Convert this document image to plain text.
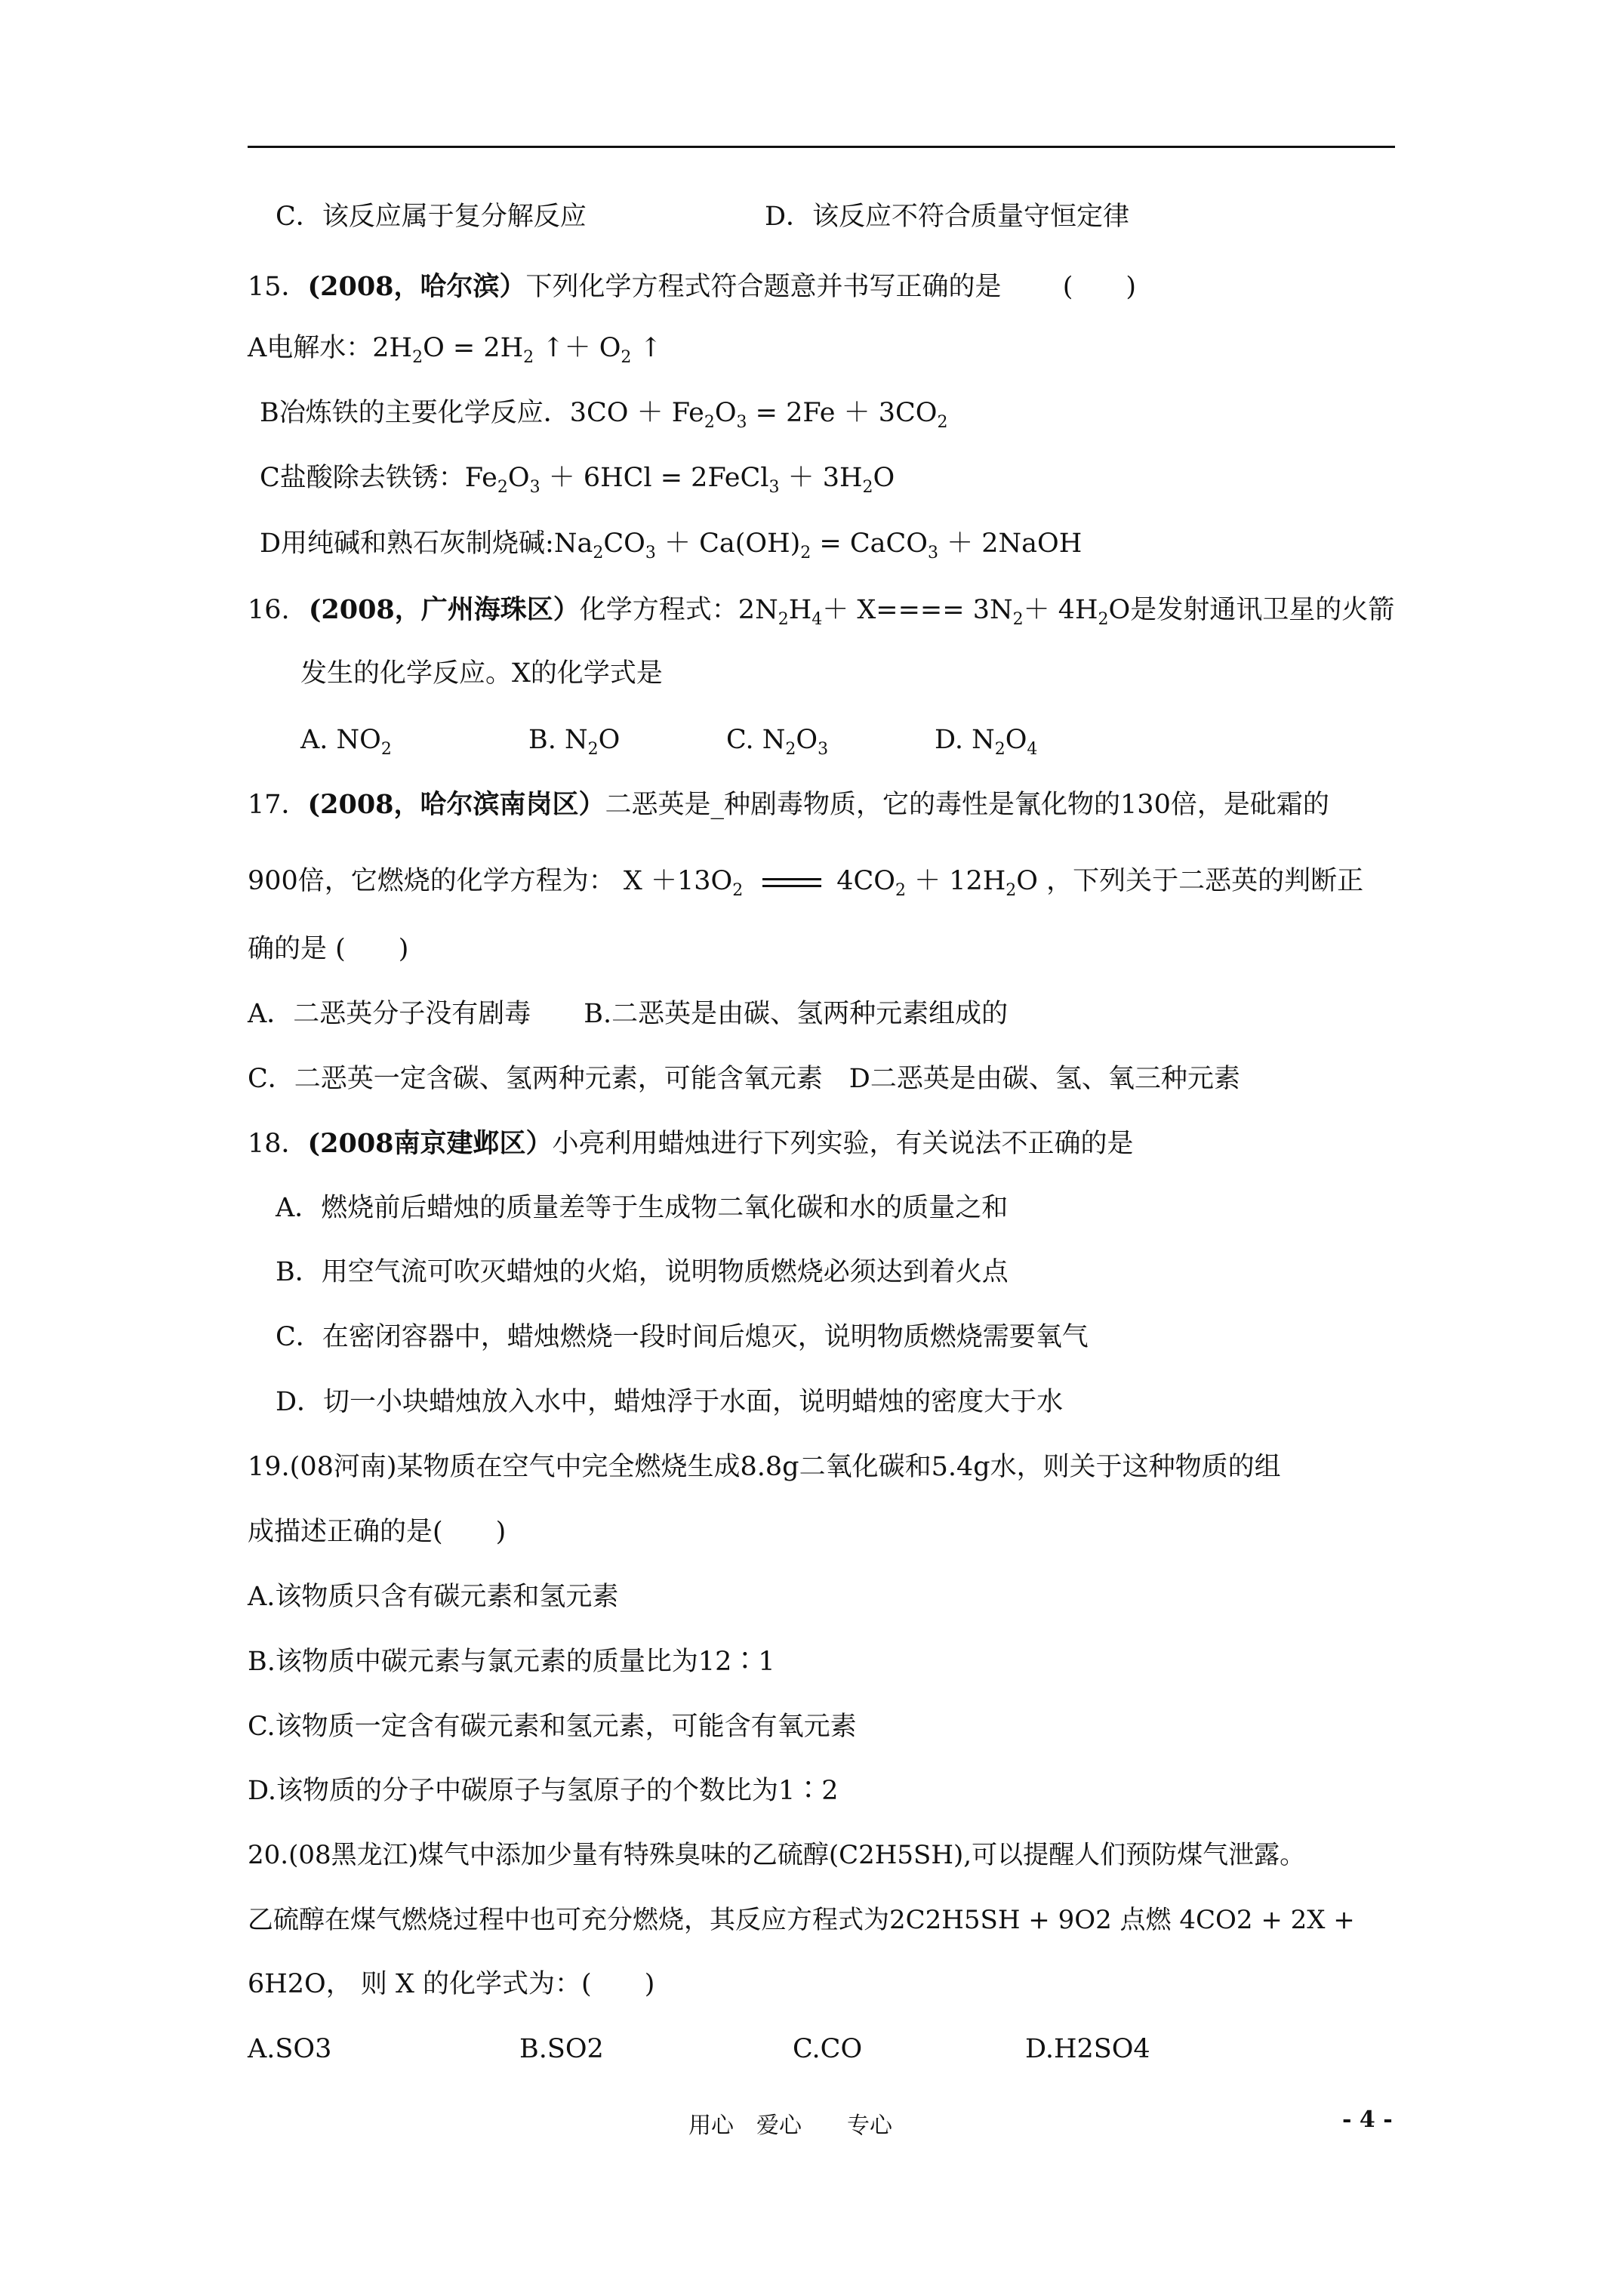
C．该反应属于复分解反应	D．该反应不符合质量守恒定律
15．(2008，哈尔滨）下列化学方程式符合题意并书写正确的是 (　　)
A电解水：$2H_2O = 2H_2$ ↑＋ $O_2$ ↑
B冶炼铁的主要化学反应．$3CO + Fe_2O_3 = 2Fe + 3CO_2$
C盐酸除去铁锈：$Fe_2O_3 + 6HCl$ = 2FeCl$_3$ ＋ $3H_2O$
D用纯碱和熟石灰制烧碱$:Na_2CO_3 + Ca(OH)_2$ = CaCO$_3$ ＋ 2NaOH
16. (2008，广州海珠区）化学方程式：$2N_2H_4+ X==== 3N_2+ 4H_2O$是发射通讯卫星的火箭
发生的化学反应。X的化学式是
A. $NO_2$	B. $N_2O$	C. $N_2O_3$	D. $N_2O_4$
17．(2008，哈尔滨南岗区）二恶英是_种剧毒物质，它的毒性是氰化物的130倍，是砒霜的
900倍，它燃烧的化学方程为： $X +13O_2$	$4CO_2 + 12H_2O$ ，下列关于二恶英的判断正
确的是 (　　)
A．二恶英分子没有剧毒　　B.二恶英是由碳、氢两种元素组成的
C．二恶英一定含碳、氢两种元素，可能含氧元素　D二恶英是由碳、氢、氧三种元素
18．(2008南京建邺区）小亮利用蜡烛进行下列实验，有关说法不正确的是
A．燃烧前后蜡烛的质量差等于生成物二氧化碳和水的质量之和
B．用空气流可吹灭蜡烛的火焰，说明物质燃烧必须达到着火点
C．在密闭容器中，蜡烛燃烧一段时间后熄灭，说明物质燃烧需要氧气
D．切一小块蜡烛放入水中，蜡烛浮于水面，说明蜡烛的密度大于水
19.(08河南)某物质在空气中完全燃烧生成8.8g二氧化碳和5.4g水，则关于这种物质的组
成描述正确的是(　　)
A.该物质只含有碳元素和氢元素
B.该物质中碳元素与氯元素的质量比为12∶1
C.该物质一定含有碳元素和氢元素，可能含有氧元素
D.该物质的分子中碳原子与氢原子的个数比为1∶2
20.(08黑龙江)煤气中添加少量有特殊臭味的乙硫醇(C2H5SH),可以提醒人们预防煤气泄露。
乙硫醇在煤气燃烧过程中也可充分燃烧，其反应方程式为2C2H5SH + 9O2 点燃 4CO2 + 2X +
6H2O， 则 X 的化学式为：(　　)
A.SO3	B.SO2	C.CO	D.H2SO4
用心　爱心　　专心	- 4 -
